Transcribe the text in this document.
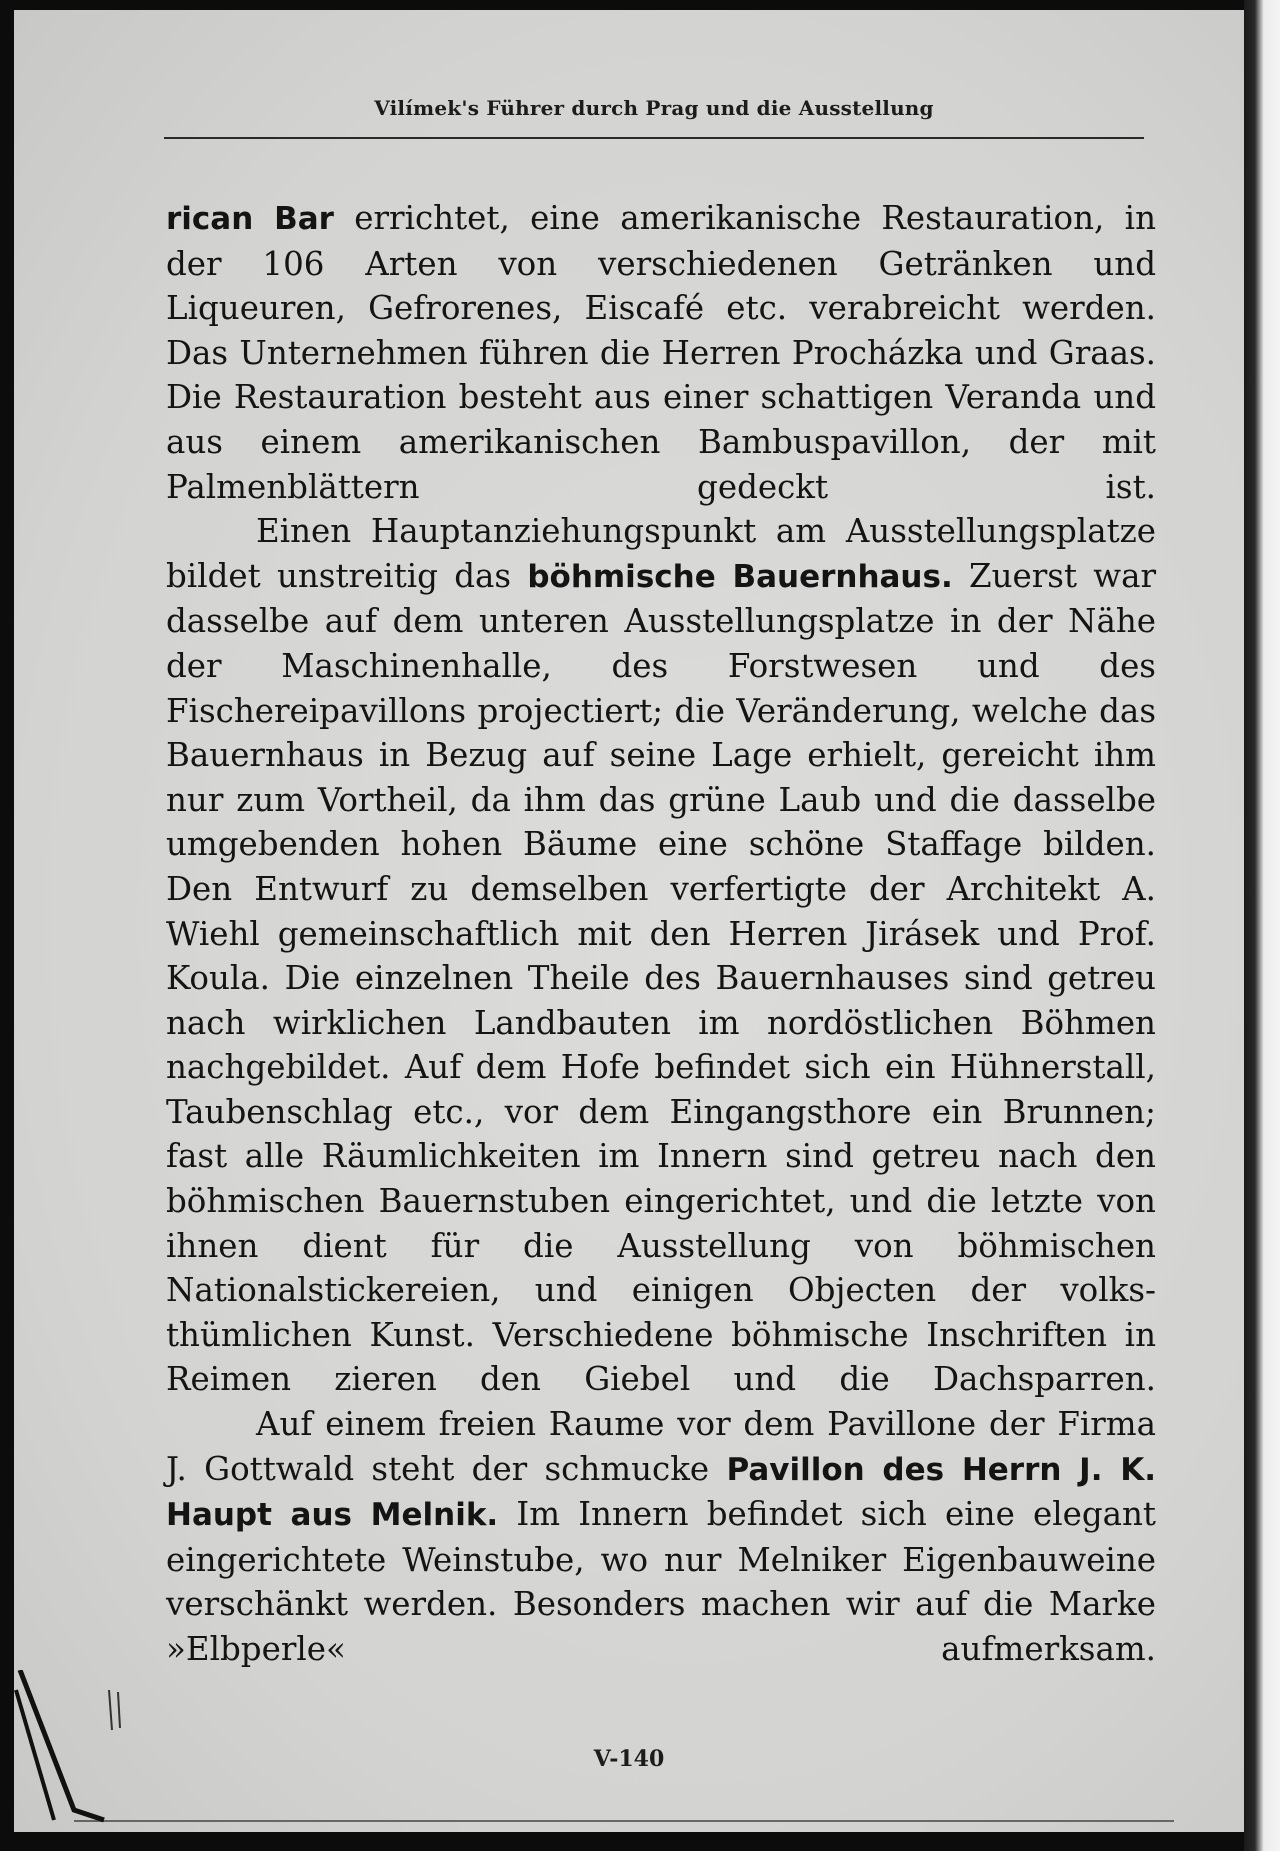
Vilímek's Führer durch Prag und die Ausstellung

rican Bar errichtet, eine amerikanische Restauration, in der 106 Arten von verschiedenen Getränken und Liqueuren, Gefrorenes, Eiscafé etc. verabreicht werden. Das Unternehmen führen die Herren Procházka und Graas. Die Restauration besteht aus einer schattigen Veranda und aus einem amerikanischen Bambuspavillon, der mit Palmenblättern gedeckt ist.

Einen Hauptanziehungspunkt am Ausstellungsplatze bildet unstreitig das böhmische Bauernhaus. Zuerst war dasselbe auf dem unteren Ausstellungsplatze in der Nähe der Maschinenhalle, des Forstwesen und des Fischereipavillons projectiert; die Veränderung, welche das Bauernhaus in Bezug auf seine Lage erhielt, gereicht ihm nur zum Vortheil, da ihm das grüne Laub und die dasselbe umgebenden hohen Bäume eine schöne Staffage bilden. Den Entwurf zu demselben verfertigte der Architekt A. Wiehl gemeinschaftlich mit den Herren Jirásek und Prof. Koula. Die einzelnen Theile des Bauernhauses sind getreu nach wirklichen Landbauten im nordöstlichen Böhmen nachgebildet. Auf dem Hofe befindet sich ein Hühnerstall, Taubenschlag etc., vor dem Eingangsthore ein Brunnen; fast alle Räumlichkeiten im Innern sind getreu nach den böhmischen Bauernstuben eingerichtet, und die letzte von ihnen dient für die Ausstellung von böhmischen Nationalstickereien, und einigen Objecten der volksthümlichen Kunst. Verschiedene böhmische Inschriften in Reimen zieren den Giebel und die Dachsparren.

Auf einem freien Raume vor dem Pavillone der Firma J. Gottwald steht der schmucke Pavillon des Herrn J. K. Haupt aus Melnik. Im Innern befindet sich eine elegant eingerichtete Weinstube, wo nur Melniker Eigenbauweine verschänkt werden. Besonders machen wir auf die Marke »Elbperle« aufmerksam.

V-140
